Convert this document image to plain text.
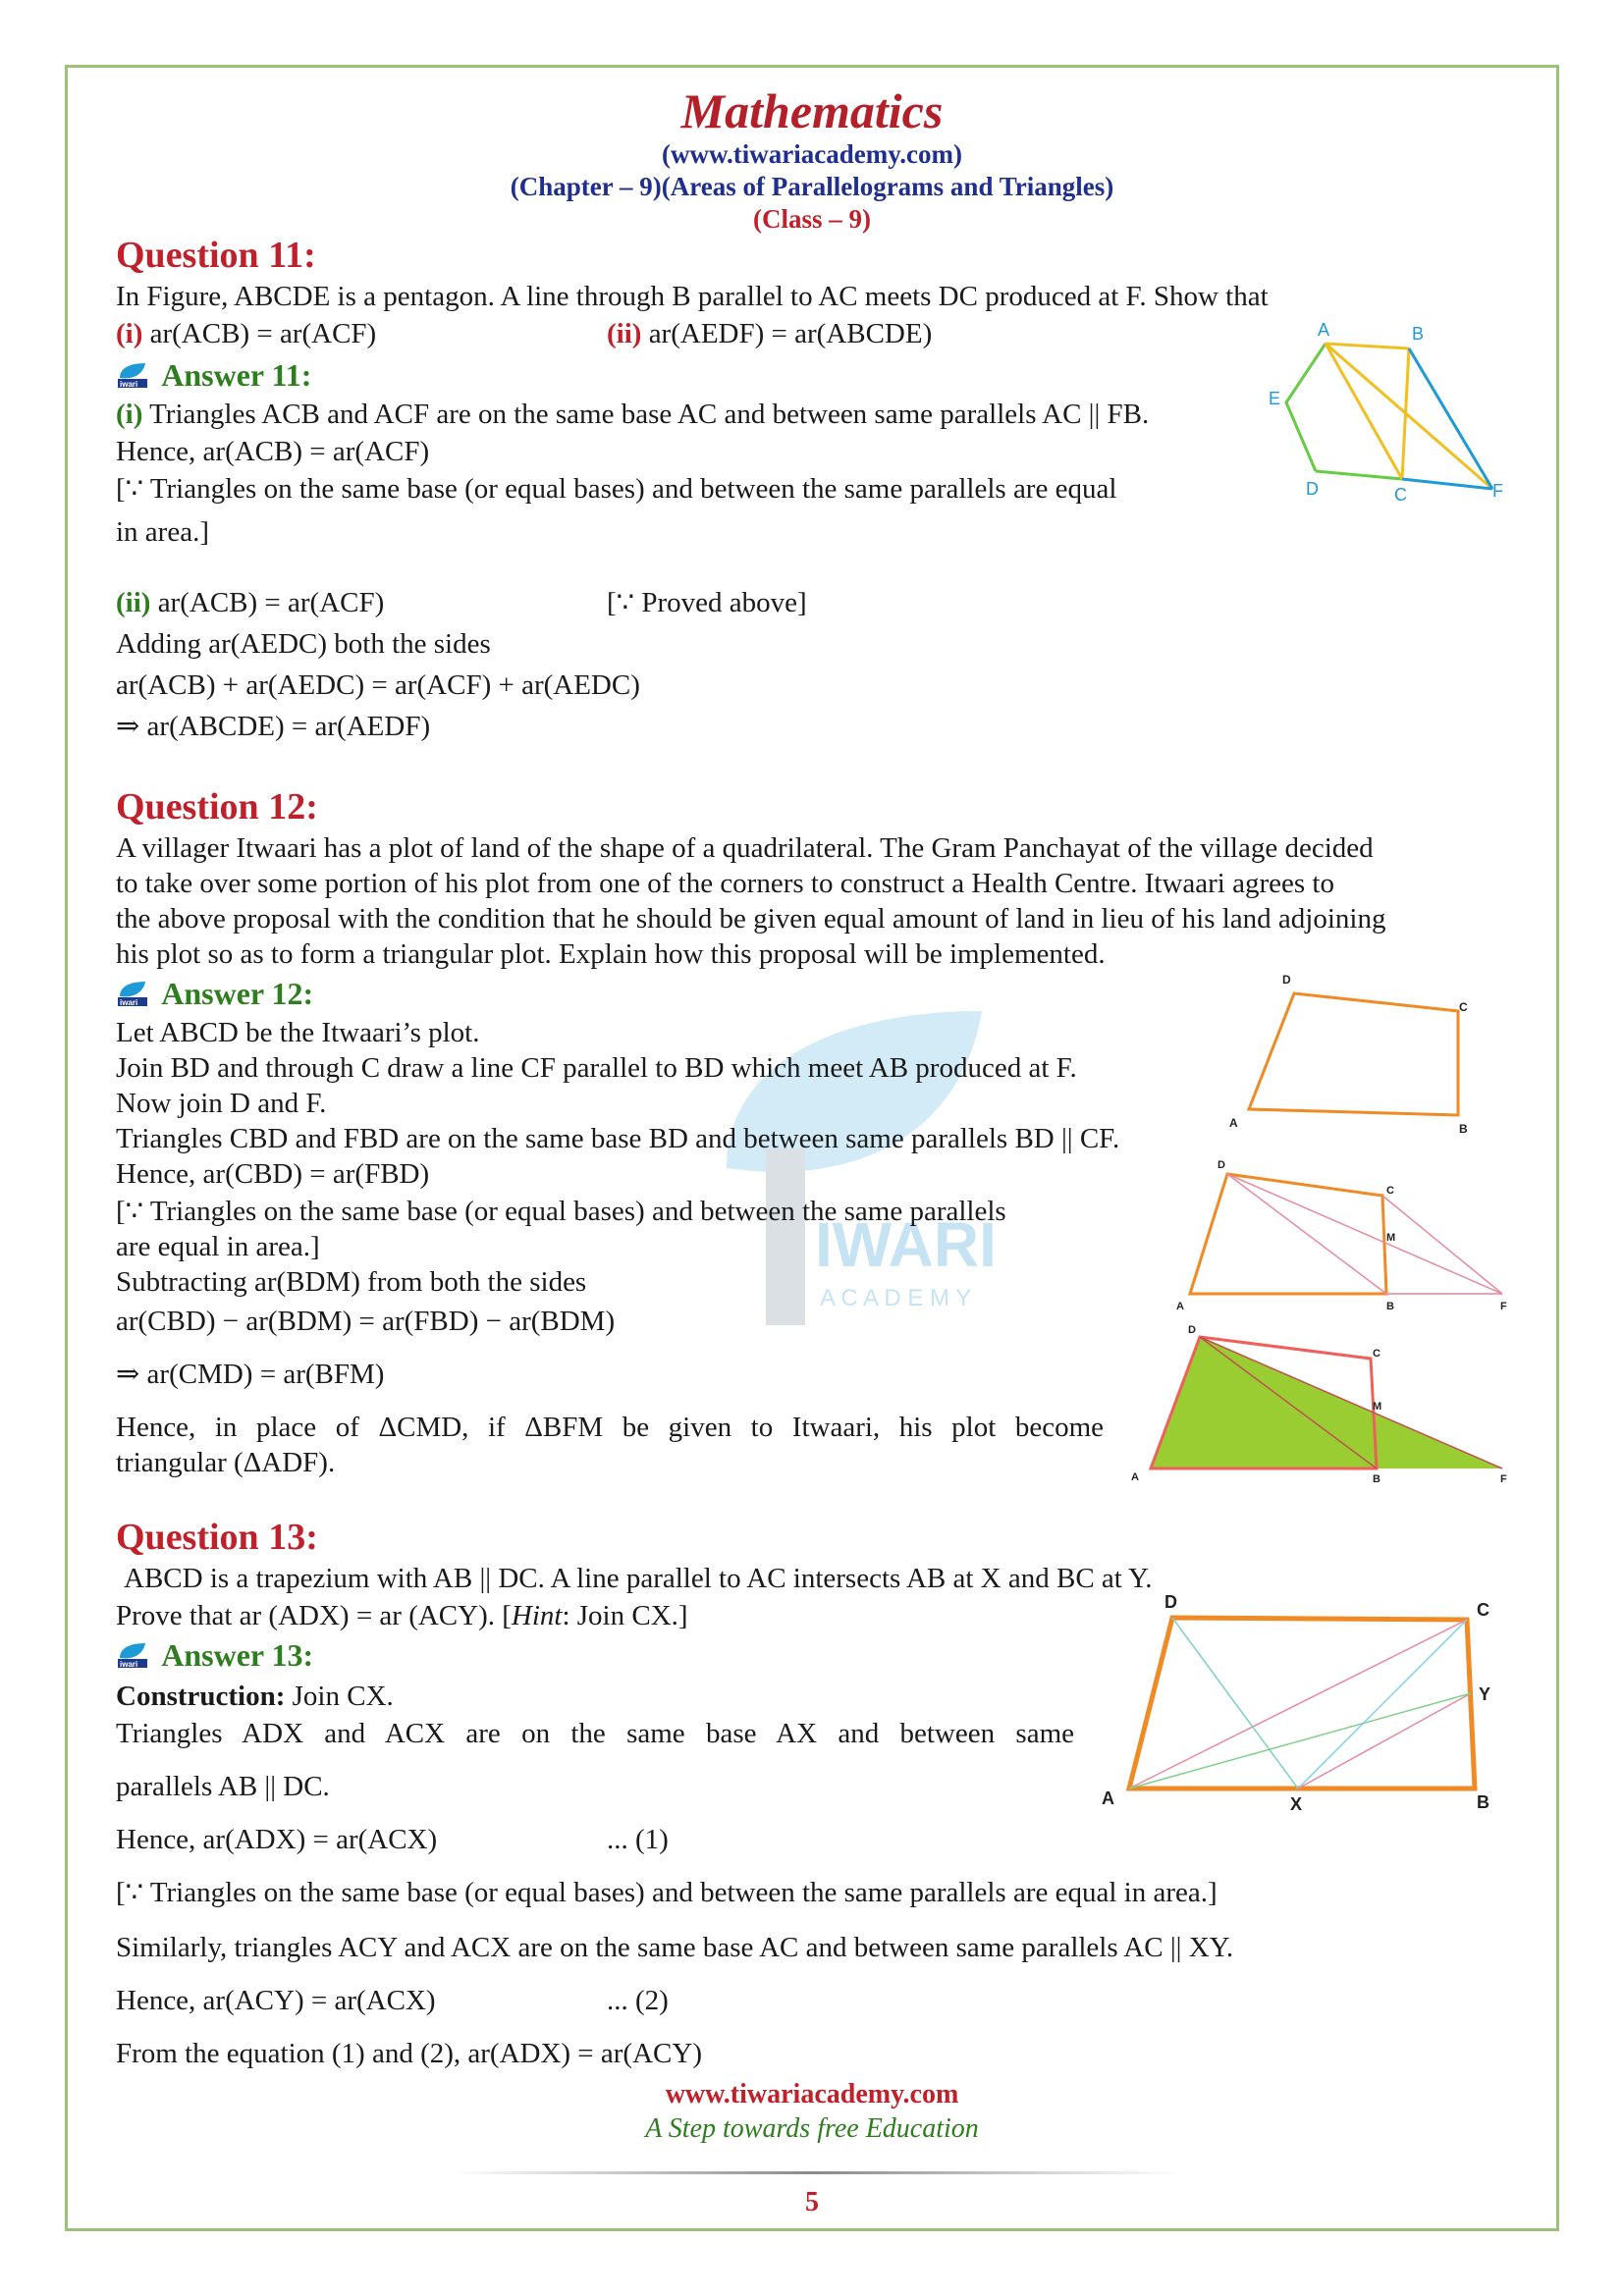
Mathematics
(www.tiwariacademy.com)
(Chapter – 9)(Areas of Parallelograms and Triangles)
(Class – 9)
IWARI
A C A D E M Y
Question 11:
In Figure, ABCDE is a pentagon. A line through B parallel to AC meets DC produced at F. Show that
(i) ar(ACB) = ar(ACF)	(ii) ar(AEDF) = ar(ABCDE)
iwari Answer 11:
(i) Triangles ACB and ACF are on the same base AC and between same parallels AC || FB.
Hence, ar(ACB) = ar(ACF)
[∵ Triangles on the same base (or equal bases) and between the same parallels are equal
in area.]
(ii) ar(ACB) = ar(ACF)	[∵ Proved above]
Adding ar(AEDC) both the sides
ar(ACB) + ar(AEDC) = ar(ACF) + ar(AEDC)
⇒ ar(ABCDE) = ar(AEDF)
A	B
E
D	C	F
Question 12:
A villager Itwaari has a plot of land of the shape of a quadrilateral. The Gram Panchayat of the village decided
to take over some portion of his plot from one of the corners to construct a Health Centre. Itwaari agrees to
the above proposal with the condition that he should be given equal amount of land in lieu of his land adjoining
his plot so as to form a triangular plot. Explain how this proposal will be implemented.
iwari Answer 12:
Let ABCD be the Itwaari’s plot.
Join BD and through C draw a line CF parallel to BD which meet AB produced at F.
Now join D and F.
Triangles CBD and FBD are on the same base BD and between same parallels BD || CF.
Hence, ar(CBD) = ar(FBD)
[∵ Triangles on the same base (or equal bases) and between the same parallels
are equal in area.]
Subtracting ar(BDM) from both the sides
ar(CBD) − ar(BDM) = ar(FBD) − ar(BDM)
⇒ ar(CMD) = ar(BFM)
Hence, in place of ΔCMD, if ΔBFM be given to Itwaari, his plot become
triangular (ΔADF).
D
C
A	B
D
C
M
A	B	F
D
C
M
A	B	F
Question 13:
ABCD is a trapezium with AB || DC. A line parallel to AC intersects AB at X and BC at Y.
Prove that ar (ADX) = ar (ACY). [Hint: Join CX.]
iwari Answer 13:
Construction: Join CX.
Triangles ADX and ACX are on the same base AX and between same
parallels AB || DC.
Hence, ar(ADX) = ar(ACX)	... (1)
[∵ Triangles on the same base (or equal bases) and between the same parallels are equal in area.]
Similarly, triangles ACY and ACX are on the same base AC and between same parallels AC || XY.
Hence, ar(ACY) = ar(ACX)	... (2)
From the equation (1) and (2), ar(ADX) = ar(ACY)
D	C
Y
A	X	B
www.tiwariacademy.com
A Step towards free Education
5
